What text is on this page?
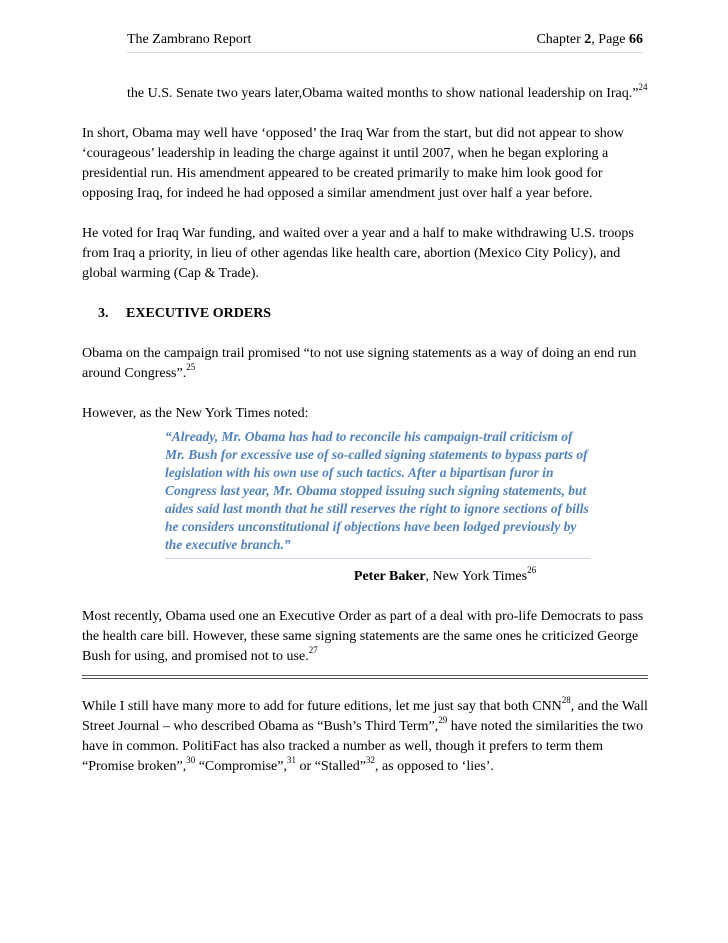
The Zambrano Report	Chapter 2, Page 66

the U.S. Senate two years later,Obama waited months to show national leadership on Iraq.”$^{24}$

In short, Obama may well have ‘opposed’ the Iraq War from the start, but did not appear to show ‘courageous’ leadership in leading the charge against it until 2007, when he began exploring a presidential run. His amendment appeared to be created primarily to make him look good for opposing Iraq, for indeed he had opposed a similar amendment just over half a year before.

He voted for Iraq War funding, and waited over a year and a half to make withdrawing U.S. troops from Iraq a priority, in lieu of other agendas like health care, abortion (Mexico City Policy), and global warming (Cap & Trade).

3. EXECUTIVE ORDERS

Obama on the campaign trail promised “to not use signing statements as a way of doing an end run around Congress”.$^{25}$

However, as the New York Times noted:

“Already, Mr. Obama has had to reconcile his campaign-trail criticism of Mr. Bush for excessive use of so-called signing statements to bypass parts of legislation with his own use of such tactics. After a bipartisan furor in Congress last year, Mr. Obama stopped issuing such signing statements, but aides said last month that he still reserves the right to ignore sections of bills he considers unconstitutional if objections have been lodged previously by the executive branch.”

Peter Baker, New York Times$^{26}$

Most recently, Obama used one an Executive Order as part of a deal with pro-life Democrats to pass the health care bill. However, these same signing statements are the same ones he criticized George Bush for using, and promised not to use.$^{27}$

While I still have many more to add for future editions, let me just say that both CNN$^{28}$, and the Wall Street Journal – who described Obama as “Bush’s Third Term”,$^{29}$ have noted the similarities the two have in common. PolitiFact has also tracked a number as well, though it prefers to term them “Promise broken”,$^{30}$ “Compromise”,$^{31}$ or “Stalled”$^{32}$, as opposed to ‘lies’.
